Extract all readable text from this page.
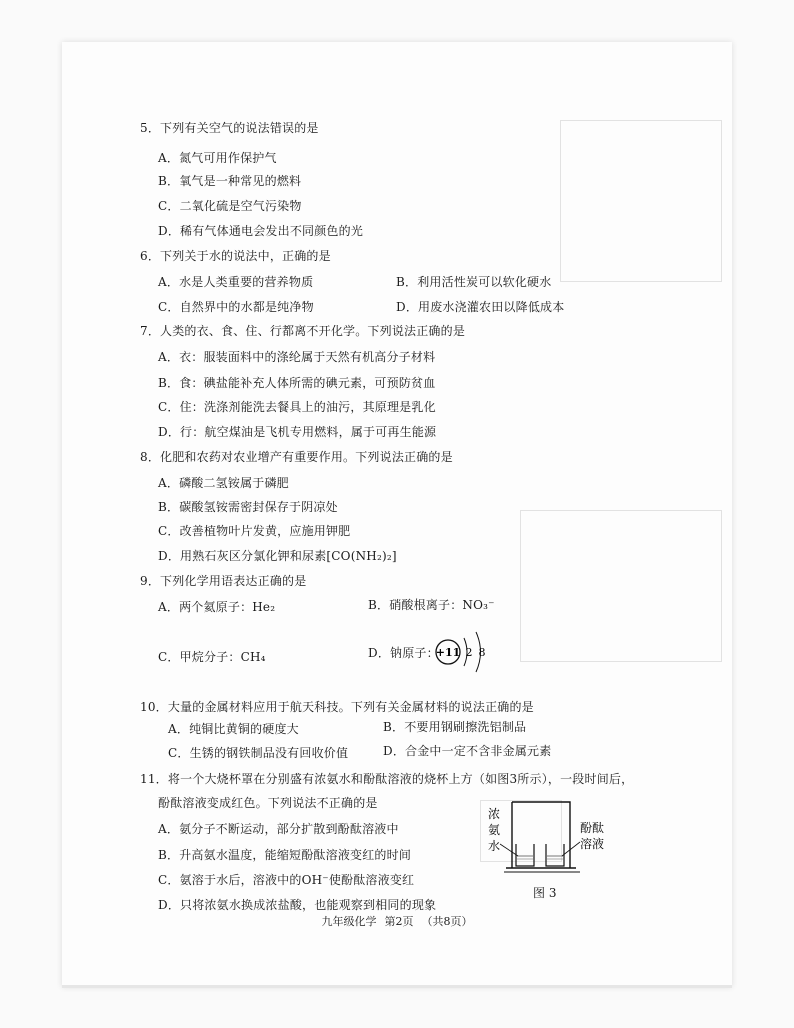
5．下列有关空气的说法错误的是
A．氮气可用作保护气
B．氧气是一种常见的燃料
C．二氧化硫是空气污染物
D．稀有气体通电会发出不同颜色的光
6．下列关于水的说法中，正确的是
A．水是人类重要的营养物质	B．利用活性炭可以软化硬水
C．自然界中的水都是纯净物	D．用废水浇灌农田以降低成本
7．人类的衣、食、住、行都离不开化学。下列说法正确的是
A．衣：服装面料中的涤纶属于天然有机高分子材料
B．食：碘盐能补充人体所需的碘元素，可预防贫血
C．住：洗涤剂能洗去餐具上的油污，其原理是乳化
D．行：航空煤油是飞机专用燃料，属于可再生能源
8．化肥和农药对农业增产有重要作用。下列说法正确的是
A．磷酸二氢铵属于磷肥
B．碳酸氢铵需密封保存于阴凉处
C．改善植物叶片发黄，应施用钾肥
D．用熟石灰区分氯化钾和尿素[CO(NH₂)₂]
9．下列化学用语表达正确的是
A．两个氦原子：He₂	B．硝酸根离子：NO₃⁻
C．甲烷分子：CH₄	D．钠原子：
+11 2 8
10．大量的金属材料应用于航天科技。下列有关金属材料的说法正确的是
A．纯铜比黄铜的硬度大	B．不要用钢刷擦洗铝制品
C．生锈的钢铁制品没有回收价值	D．合金中一定不含非金属元素
11．将一个大烧杯罩在分别盛有浓氨水和酚酞溶液的烧杯上方（如图3所示），一段时间后，
酚酞溶液变成红色。下列说法不正确的是
A．氨分子不断运动，部分扩散到酚酞溶液中
B．升高氨水温度，能缩短酚酞溶液变红的时间
C．氨溶于水后，溶液中的OH⁻使酚酞溶液变红
D．只将浓氨水换成浓盐酸，也能观察到相同的现象
浓
氨
水
酚酞
溶液
图 3
九年级化学 第2页 （共8页）
